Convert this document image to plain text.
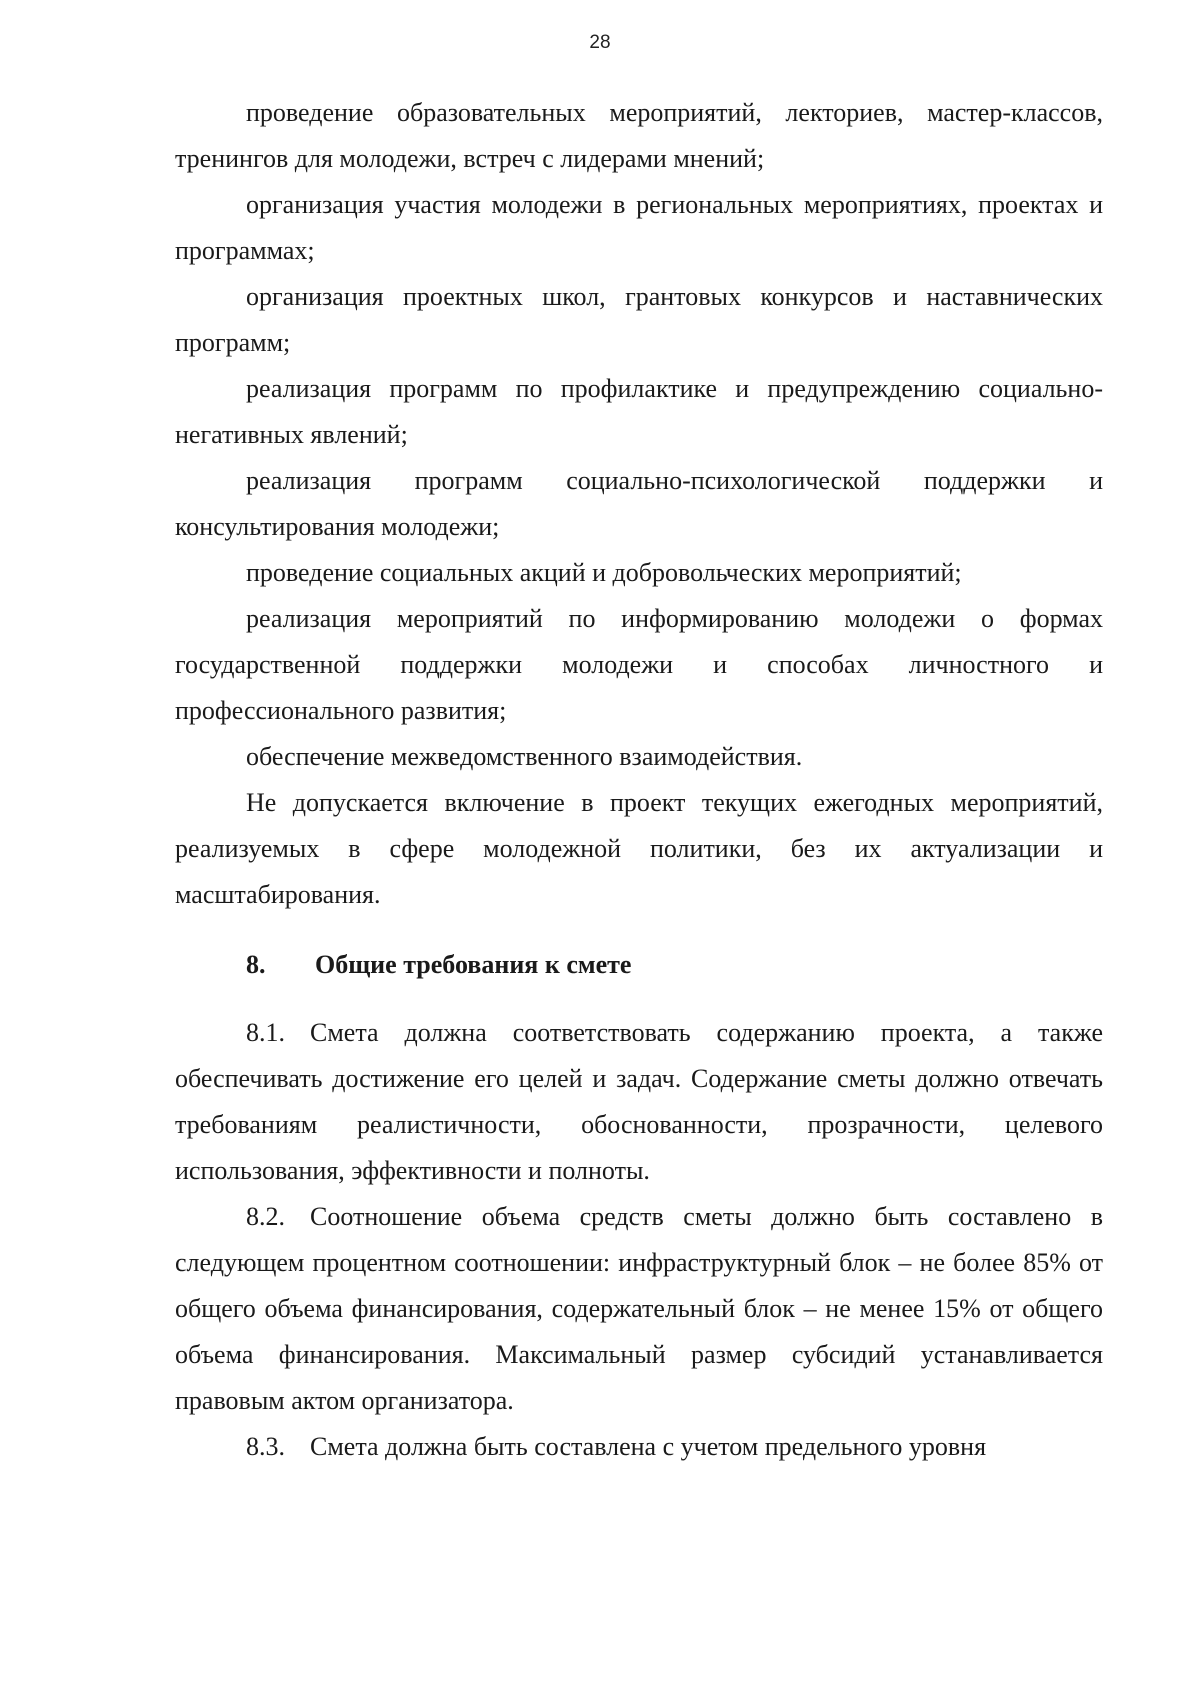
28

проведение образовательных мероприятий, лекториев, мастер-классов, тренингов для молодежи, встреч с лидерами мнений;

организация участия молодежи в региональных мероприятиях, проектах и программах;

организация проектных школ, грантовых конкурсов и наставнических программ;

реализация программ по профилактике и предупреждению социально-негативных явлений;

реализация программ социально-психологической поддержки и консультирования молодежи;

проведение социальных акций и добровольческих мероприятий;

реализация мероприятий по информированию молодежи о формах государственной поддержки молодежи и способах личностного и профессионального развития;

обеспечение межведомственного взаимодействия.

Не допускается включение в проект текущих ежегодных мероприятий, реализуемых в сфере молодежной политики, без их актуализации и масштабирования.

8. Общие требования к смете

8.1. Смета должна соответствовать содержанию проекта, а также обеспечивать достижение его целей и задач. Содержание сметы должно отвечать требованиям реалистичности, обоснованности, прозрачности, целевого использования, эффективности и полноты.

8.2. Соотношение объема средств сметы должно быть составлено в следующем процентном соотношении: инфраструктурный блок – не более 85% от общего объема финансирования, содержательный блок – не менее 15% от общего объема финансирования. Максимальный размер субсидий устанавливается правовым актом организатора.

8.3. Смета должна быть составлена с учетом предельного уровня
